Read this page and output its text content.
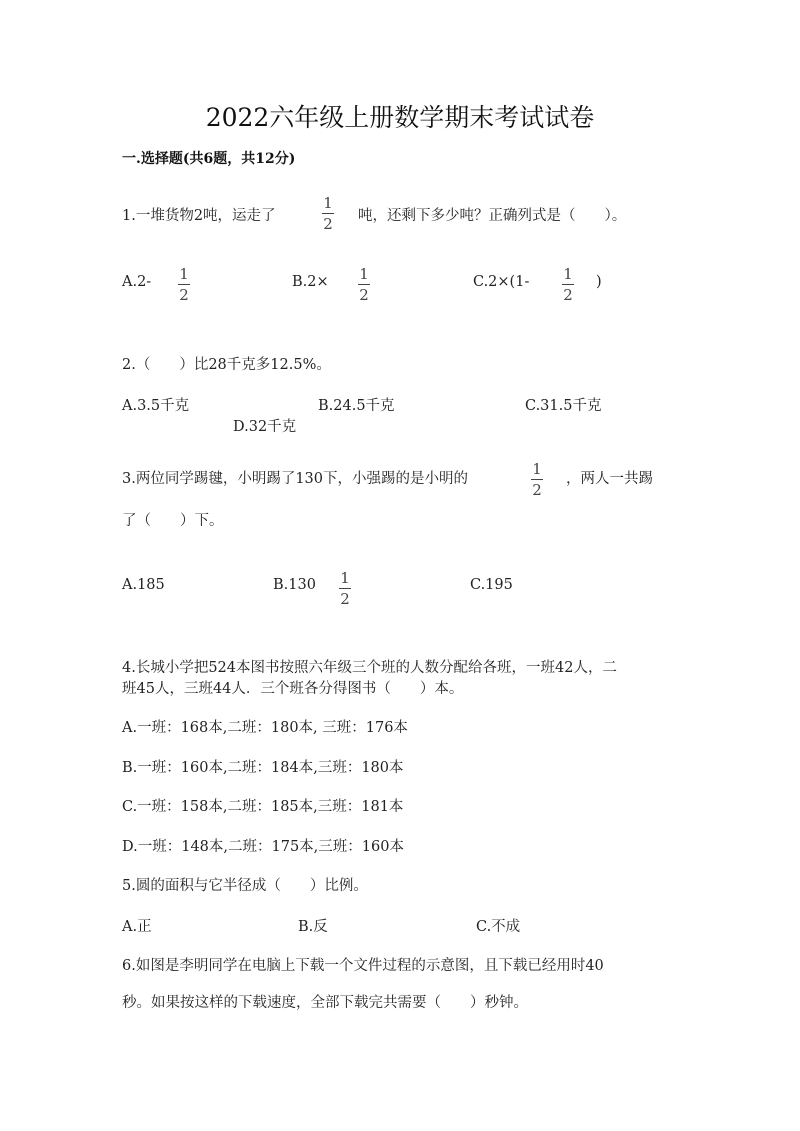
2022六年级上册数学期末考试试卷
一.选择题(共6题，共12分)
1.一堆货物2吨，运走了
1
2 吨，还剩下多少吨？正确列式是（　　）。
A.2- 1
2
B.2× 1
2
C.2×(1- 1
2
)
2.（　　）比28千克多12.5%。
A.3.5千克	B.24.5千克	C.31.5千克
D.32千克
3.两位同学踢毽，小明踢了130下，小强踢的是小明的
1
2
，两人一共踢
了（　　）下。
A.185	B.130 1
2
C.195
4.长城小学把524本图书按照六年级三个班的人数分配给各班，一班42人，二
班45人，三班44人．三个班各分得图书（　　）本。
A.一班：168本,二班：180本, 三班：176本
B.一班：160本,二班：184本,三班：180本
C.一班：158本,二班：185本,三班：181本
D.一班：148本,二班：175本,三班：160本
5.圆的面积与它半径成（　　）比例。
A.正	B.反	C.不成
6.如图是李明同学在电脑上下载一个文件过程的示意图，且下载已经用时40
秒。如果按这样的下载速度，全部下载完共需要（　　）秒钟。
